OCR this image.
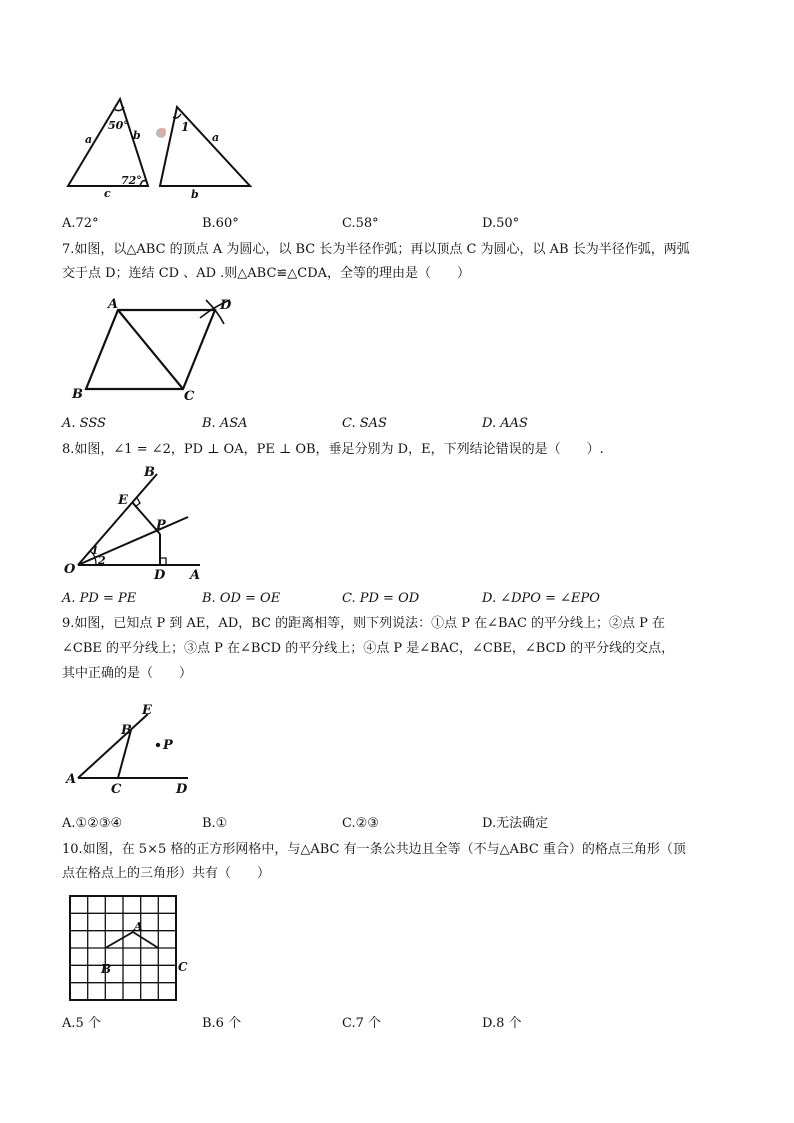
50°
72°
a	b
c
1
a
b
A.72°	B.60°	C.58°	D.50°
7.如图，以△ABC 的顶点 A 为圆心，以 BC 长为半径作弧；再以顶点 C 为圆心，以 AB 长为半径作弧，两弧
交于点 D；连结 CD 、AD .则△ABC≌△CDA，全等的理由是（　　）
A	D
B	C
A. SSS	B. ASA	C. SAS	D. AAS
8.如图，∠1 = ∠2，PD ⊥ OA，PE ⊥ OB，垂足分别为 D，E，下列结论错误的是（　　）.
B
E
P
1
2
O	D A
A. PD = PE	B. OD = OE	C. PD = OD	D. ∠DPO = ∠EPO
9.如图，已知点 P 到 AE，AD，BC 的距离相等，则下列说法：①点 P 在∠BAC 的平分线上；②点 P 在
∠CBE 的平分线上；③点 P 在∠BCD 的平分线上；④点 P 是∠BAC，∠CBE，∠BCD 的平分线的交点，
其中正确的是（　　）
E
B
P
A
C	D
A.①②③④	B.①	C.②③	D.无法确定
10.如图，在 5×5 格的正方形网格中，与△ABC 有一条公共边且全等（不与△ABC 重合）的格点三角形（顶
点在格点上的三角形）共有（　　）
A
B	C
A.5 个	B.6 个	C.7 个	D.8 个
